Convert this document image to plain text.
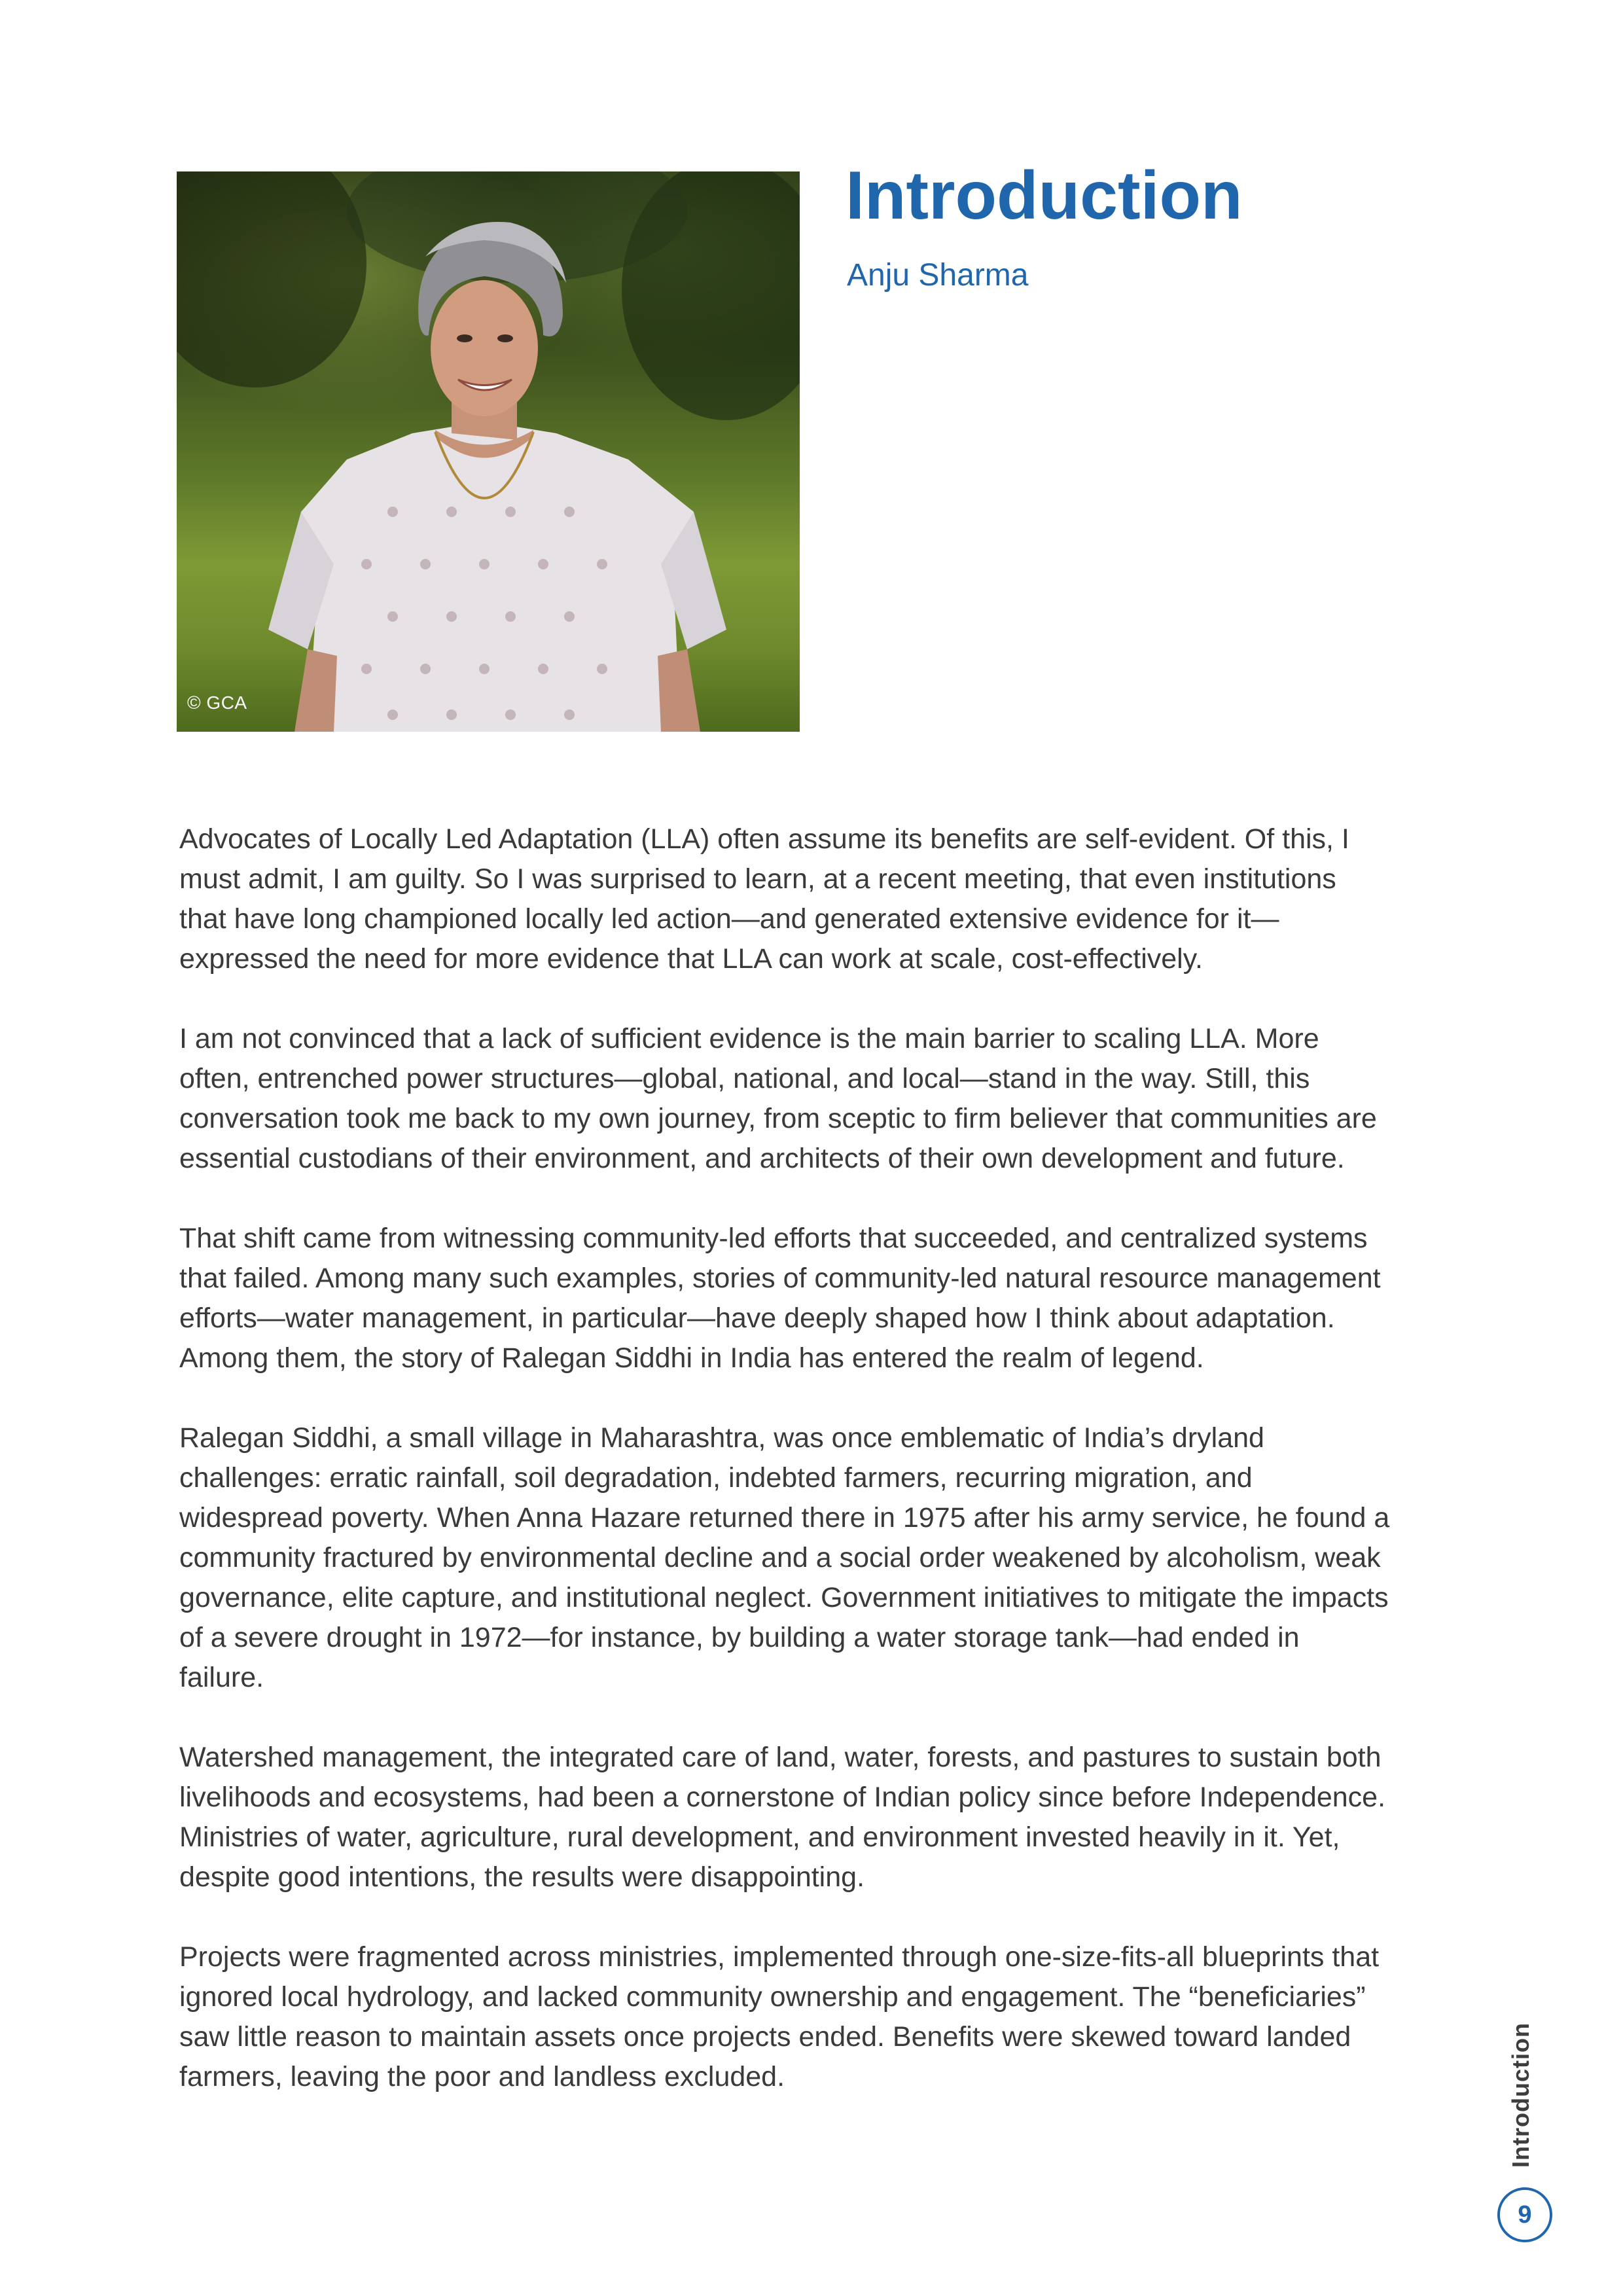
© GCA
Introduction

Anju Sharma

Advocates of Locally Led Adaptation (LLA) often assume its benefits are self-evident. Of this, I must admit, I am guilty. So I was surprised to learn, at a recent meeting, that even institutions that have long championed locally led action—and generated extensive evidence for it—expressed the need for more evidence that LLA can work at scale, cost-effectively.

I am not convinced that a lack of sufficient evidence is the main barrier to scaling LLA. More often, entrenched power structures—global, national, and local—stand in the way. Still, this conversation took me back to my own journey, from sceptic to firm believer that communities are essential custodians of their environment, and architects of their own development and future.

That shift came from witnessing community-led efforts that succeeded, and centralized systems that failed. Among many such examples, stories of community-led natural resource management efforts—water management, in particular—have deeply shaped how I think about adaptation. Among them, the story of Ralegan Siddhi in India has entered the realm of legend.

Ralegan Siddhi, a small village in Maharashtra, was once emblematic of India’s dryland challenges: erratic rainfall, soil degradation, indebted farmers, recurring migration, and widespread poverty. When Anna Hazare returned there in 1975 after his army service, he found a community fractured by environmental decline and a social order weakened by alcoholism, weak governance, elite capture, and institutional neglect. Government initiatives to mitigate the impacts of a severe drought in 1972—for instance, by building a water storage tank—had ended in failure.

Watershed management, the integrated care of land, water, forests, and pastures to sustain both livelihoods and ecosystems, had been a cornerstone of Indian policy since before Independence. Ministries of water, agriculture, rural development, and environment invested heavily in it. Yet, despite good intentions, the results were disappointing.

Projects were fragmented across ministries, implemented through one-size-fits-all blueprints that ignored local hydrology, and lacked community ownership and engagement. The “beneficiaries” saw little reason to maintain assets once projects ended. Benefits were skewed toward landed farmers, leaving the poor and landless excluded.	Introduction
9
